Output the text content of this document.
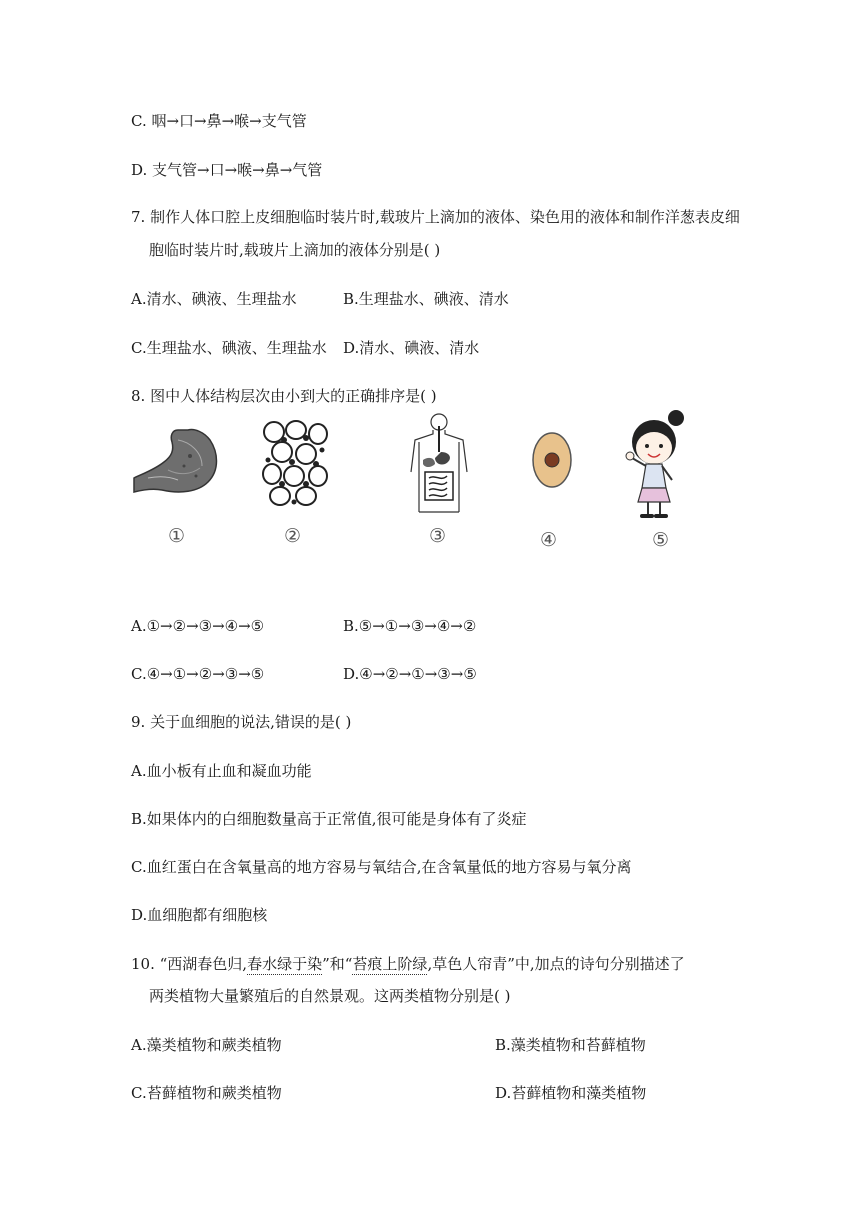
C. 咽→口→鼻→喉→支气管
D. 支气管→口→喉→鼻→气管
7. 制作人体口腔上皮细胞临时装片时,载玻片上滴加的液体、染色用的液体和制作洋葱表皮细
胞临时装片时,载玻片上滴加的液体分别是( )
A.清水、碘液、生理盐水	B.生理盐水、碘液、清水
C.生理盐水、碘液、生理盐水 D.清水、碘液、清水
8. 图中人体结构层次由小到大的正确排序是( )
①	②	③	④	⑤
A.①→②→③→④→⑤	B.⑤→①→③→④→②
C.④→①→②→③→⑤	D.④→②→①→③→⑤
9. 关于血细胞的说法,错误的是( )
A.血小板有止血和凝血功能
B.如果体内的白细胞数量高于正常值,很可能是身体有了炎症
C.血红蛋白在含氧量高的地方容易与氧结合,在含氧量低的地方容易与氧分离
D.血细胞都有细胞核
10. “西湖春色归,春水绿于染”和“苔痕上阶绿,草色人帘青”中,加点的诗句分别描述了
两类植物大量繁殖后的自然景观。这两类植物分别是( )
A.藻类植物和蕨类植物	B.藻类植物和苔藓植物
C.苔藓植物和蕨类植物	D.苔藓植物和藻类植物
